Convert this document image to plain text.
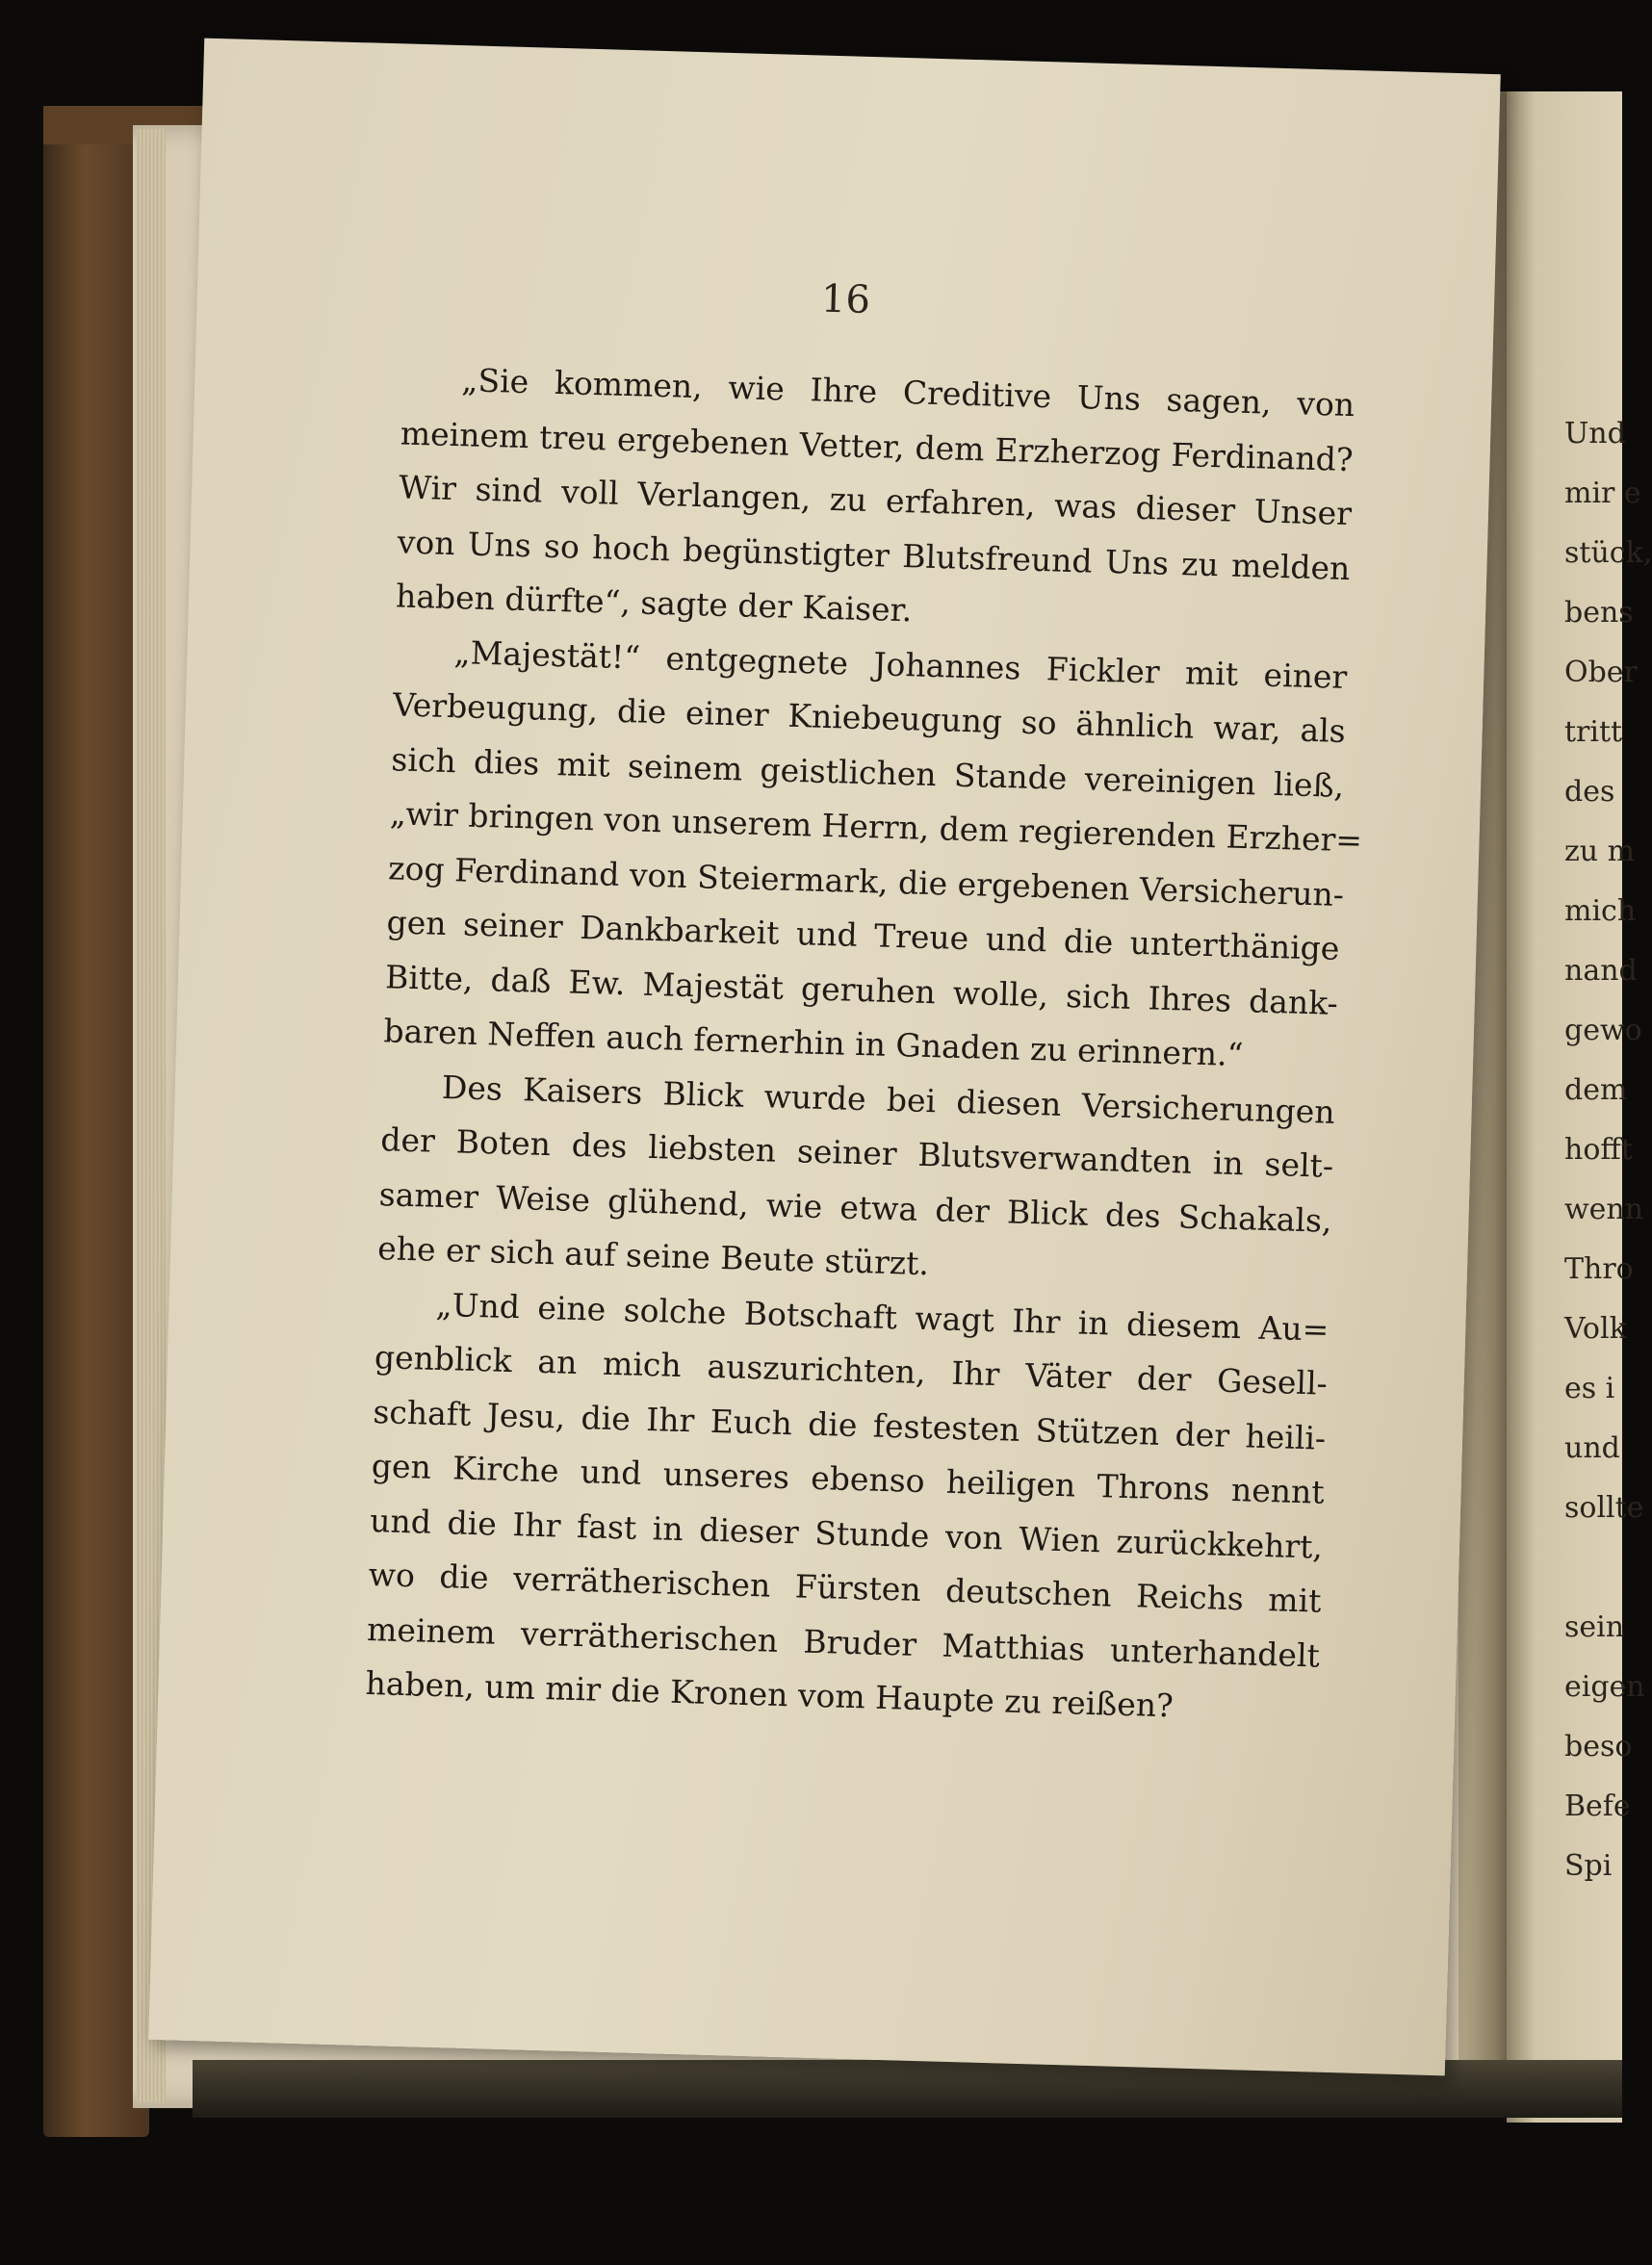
Und
mir e
stück,
bens
Ober
tritt
des
zu m
mich
nand
gewo
dem
hofft
wenn
Thro
Volk
es i
und
sollte

sein
eigen
beso
Befe
Spi
16
„Sie kommen, wie Ihre Creditive Uns sagen, von
meinem treu ergebenen Vetter, dem Erzherzog Ferdinand?
Wir sind voll Verlangen, zu erfahren, was dieser Unser
von Uns so hoch begünstigter Blutsfreund Uns zu melden
haben dürfte“, sagte der Kaiser.
„Majestät!“ entgegnete Johannes Fickler mit einer
Verbeugung, die einer Kniebeugung so ähnlich war, als
sich dies mit seinem geistlichen Stande vereinigen ließ,
„wir bringen von unserem Herrn, dem regierenden Erzher=
zog Ferdinand von Steiermark, die ergebenen Versicherun-
gen seiner Dankbarkeit und Treue und die unterthänige
Bitte, daß Ew. Majestät geruhen wolle, sich Ihres dank-
baren Neffen auch fernerhin in Gnaden zu erinnern.“
Des Kaisers Blick wurde bei diesen Versicherungen
der Boten des liebsten seiner Blutsverwandten in selt-
samer Weise glühend, wie etwa der Blick des Schakals,
ehe er sich auf seine Beute stürzt.
„Und eine solche Botschaft wagt Ihr in diesem Au=
genblick an mich auszurichten, Ihr Väter der Gesell-
schaft Jesu, die Ihr Euch die festesten Stützen der heili-
gen Kirche und unseres ebenso heiligen Throns nennt
und die Ihr fast in dieser Stunde von Wien zurückkehrt,
wo die verrätherischen Fürsten deutschen Reichs mit
meinem verrätherischen Bruder Matthias unterhandelt
haben, um mir die Kronen vom Haupte zu reißen?
